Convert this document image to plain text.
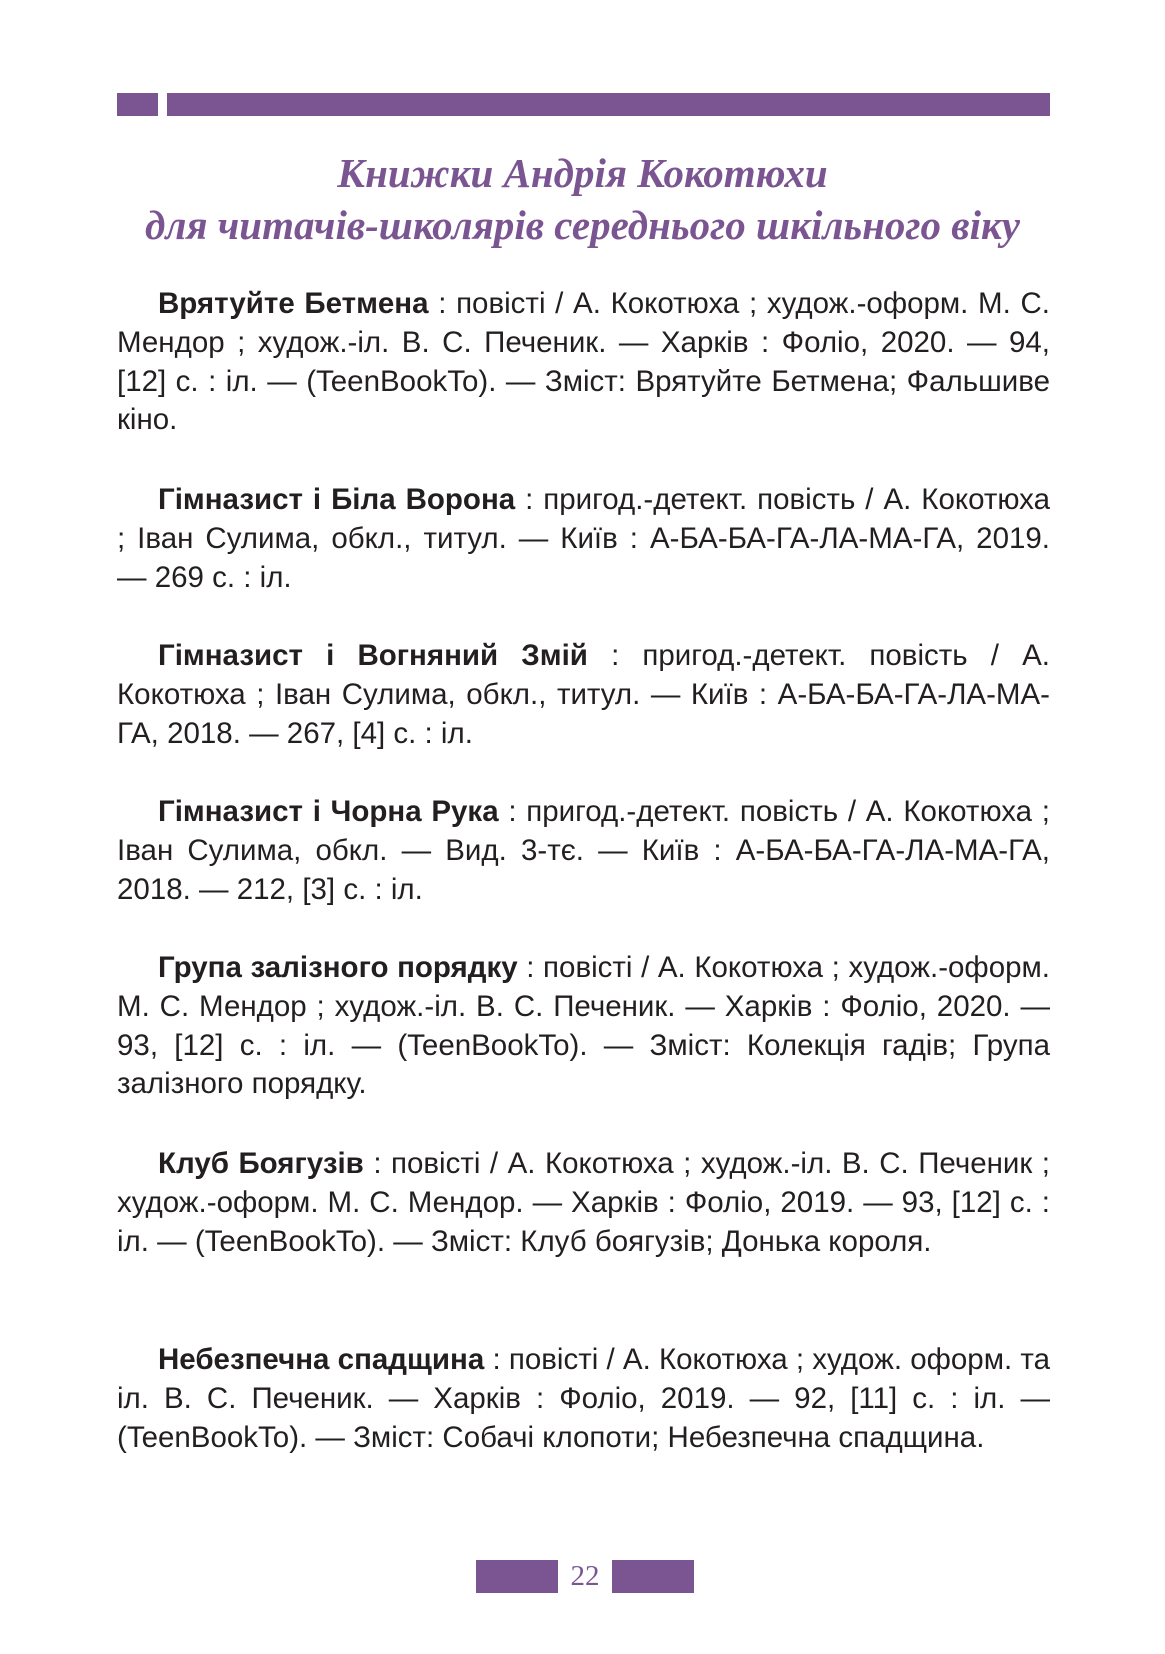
Книжки Андрія Кокотюхи
для читачів-школярів середнього шкільного віку

Врятуйте Бетмена : повісті / А. Кокотюха ; худож.-оформ. М. С. Мендор ; худож.-іл. В. С. Печеник. — Харків : Фоліо, 2020. — 94, [12] с. : іл. — (TeenBookTo). — Зміст: Врятуйте Бетмена; Фальшиве кіно.

Гімназист і Біла Ворона : пригод.-детект. повість / А. Кокотюха ; Іван Сулима, обкл., титул. — Київ : А-БА-БА-ГА-ЛА-МА-ГА, 2019. — 269 с. : іл.

Гімназист і Вогняний Змій : пригод.-детект. повість / А. Кокотюха ; Іван Сулима, обкл., титул. — Київ : А-БА-БА-ГА-ЛА-МА-ГА, 2018. — 267, [4] с. : іл.

Гімназист і Чорна Рука : пригод.-детект. повість / А. Кокотюха ; Іван Сулима, обкл. — Вид. 3-тє. — Київ : А-БА-БА-ГА-ЛА-МА-ГА, 2018. — 212, [3] с. : іл.

Група залізного порядку : повісті / А. Кокотюха ; худож.-оформ. М. С. Мендор ; худож.-іл. В. С. Печеник. — Харків : Фоліо, 2020. — 93, [12] с. : іл. — (TeenBookTo). — Зміст: Колекція гадів; Група залізного порядку.

Клуб Боягузів : повісті / А. Кокотюха ; худож.-іл. В. С. Печеник ; худож.-оформ. М. С. Мендор. — Харків : Фоліо, 2019. — 93, [12] с. : іл. — (TeenBookTo). — Зміст: Клуб боягузів; Донька короля.

Небезпечна спадщина : повісті / А. Кокотюха ; худож. оформ. та іл. В. С. Печеник. — Харків : Фоліо, 2019. — 92, [11] с. : іл. — (TeenBookTo). — Зміст: Собачі клопоти; Небезпечна спадщина.

22
